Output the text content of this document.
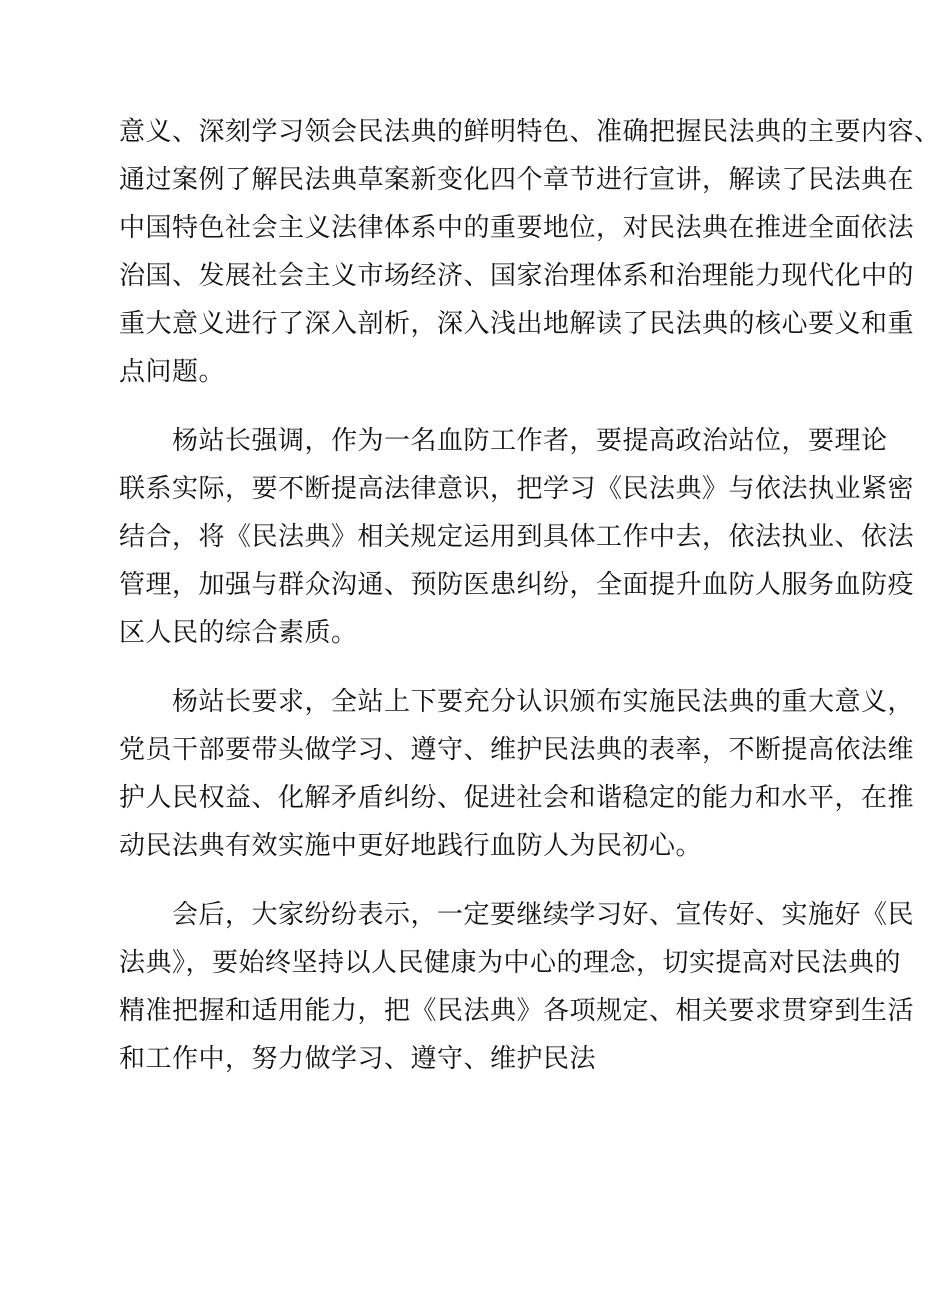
意义、深刻学习领会民法典的鲜明特色、准确把握民法典的主要内容、
通过案例了解民法典草案新变化四个章节进行宣讲，解读了民法典在
中国特色社会主义法律体系中的重要地位，对民法典在推进全面依法
治国、发展社会主义市场经济、国家治理体系和治理能力现代化中的
重大意义进行了深入剖析，深入浅出地解读了民法典的核心要义和重
点问题。
　　杨站长强调，作为一名血防工作者，要提高政治站位，要理论
联系实际，要不断提高法律意识，把学习《民法典》与依法执业紧密
结合，将《民法典》相关规定运用到具体工作中去，依法执业、依法
管理，加强与群众沟通、预防医患纠纷，全面提升血防人服务血防疫
区人民的综合素质。
　　杨站长要求，全站上下要充分认识颁布实施民法典的重大意义，
党员干部要带头做学习、遵守、维护民法典的表率，不断提高依法维
护人民权益、化解矛盾纠纷、促进社会和谐稳定的能力和水平，在推
动民法典有效实施中更好地践行血防人为民初心。
　　会后，大家纷纷表示，一定要继续学习好、宣传好、实施好《民
法典》，要始终坚持以人民健康为中心的理念，切实提高对民法典的
精准把握和适用能力，把《民法典》各项规定、相关要求贯穿到生活
和工作中，努力做学习、遵守、维护民法
